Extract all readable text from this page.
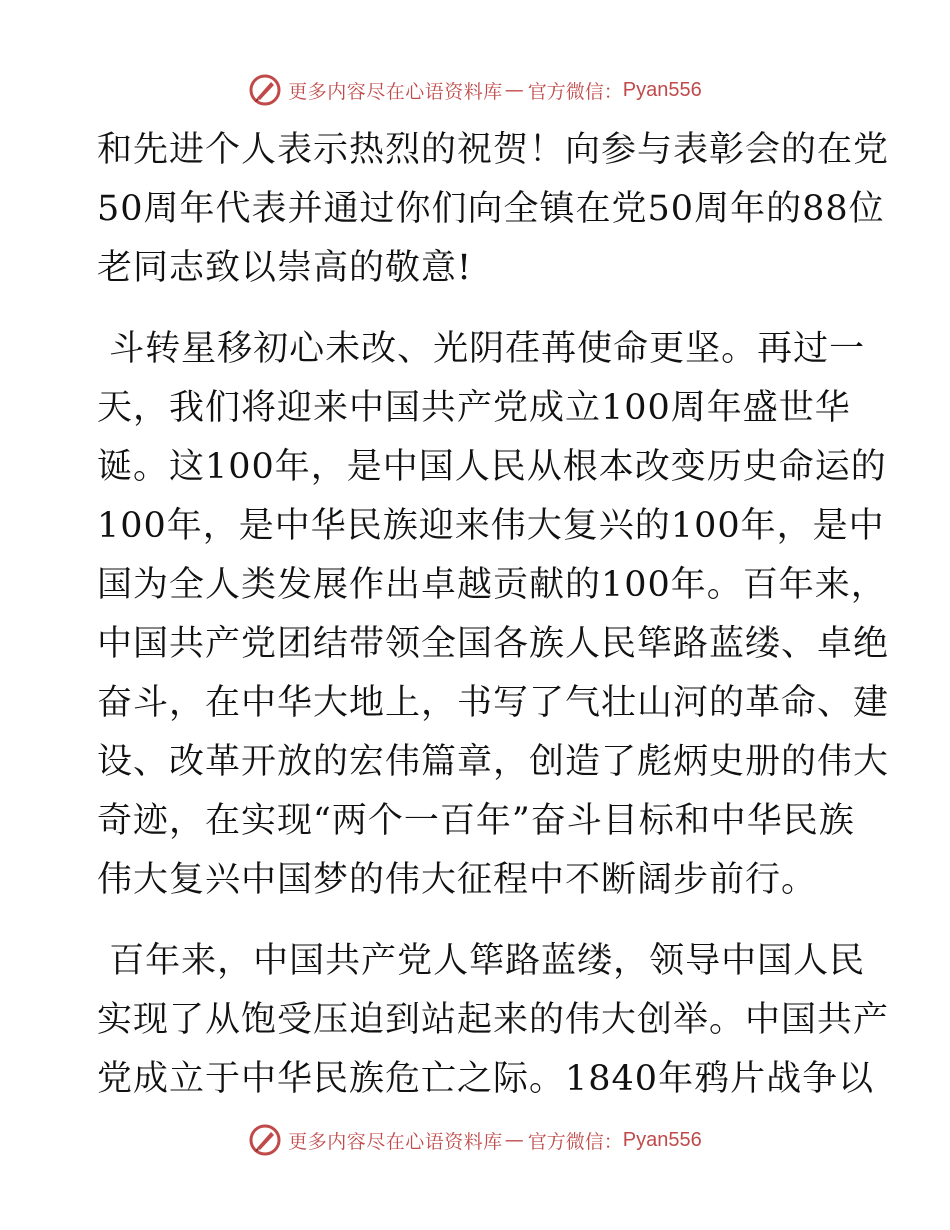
更多内容尽在心语资料库 — 官方微信： Pyan556
和先进个人表示热烈的祝贺！向参与表彰会的在党
50周年代表并通过你们向全镇在党50周年的88位
老同志致以崇高的敬意!
斗转星移初心未改、光阴荏苒使命更坚。再过一
天，我们将迎来中国共产党成立100周年盛世华
诞。这100年，是中国人民从根本改变历史命运的
100年，是中华民族迎来伟大复兴的100年，是中
国为全人类发展作出卓越贡献的100年。百年来，
中国共产党团结带领全国各族人民筚路蓝缕、卓绝
奋斗，在中华大地上，书写了气壮山河的革命、建
设、改革开放的宏伟篇章，创造了彪炳史册的伟大
奇迹，在实现“两个一百年”奋斗目标和中华民族
伟大复兴中国梦的伟大征程中不断阔步前行。
百年来，中国共产党人筚路蓝缕，领导中国人民
实现了从饱受压迫到站起来的伟大创举。中国共产
党成立于中华民族危亡之际。1840年鸦片战争以
更多内容尽在心语资料库 — 官方微信： Pyan556
